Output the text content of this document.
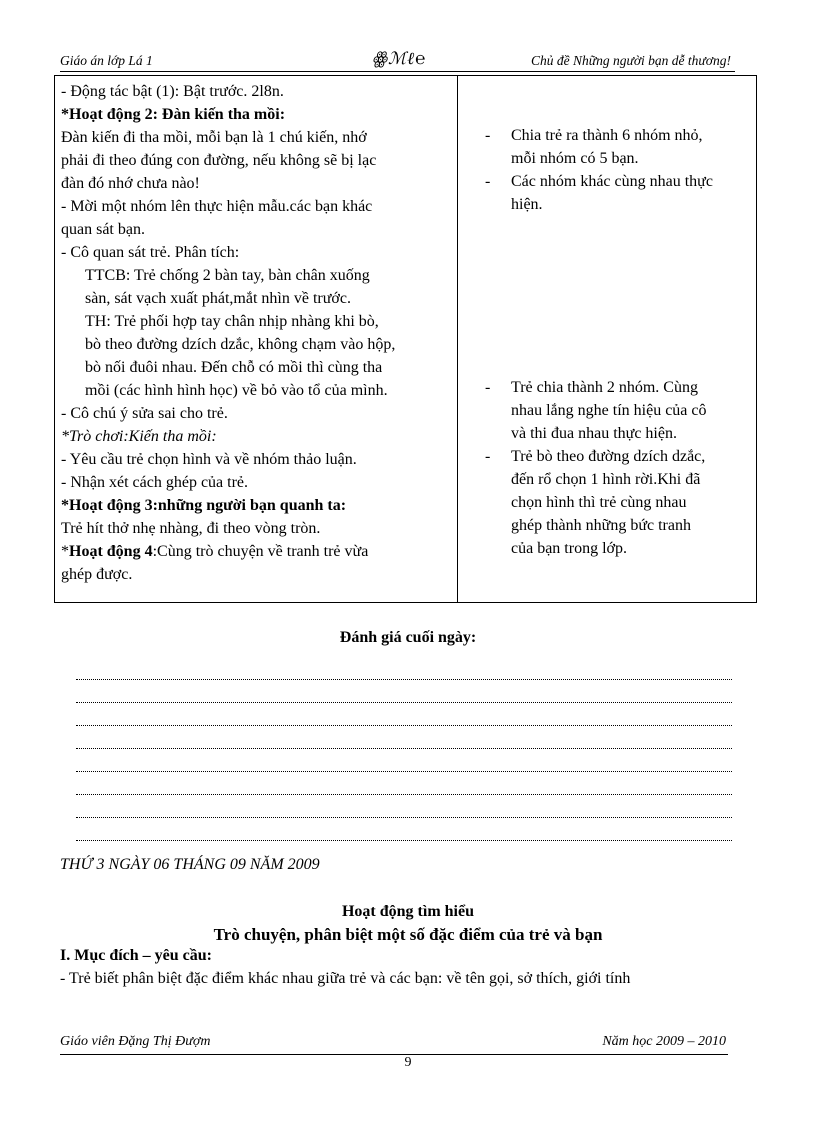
Giáo án lớp Lá 1	ꙮℳℓ℮	Chủ đề Những người bạn dễ thương!

- Động tác bật (1): Bật trước. 2l8n.

*Hoạt động 2: Đàn kiến tha mồi:

Đàn kiến đi tha mồi, mỗi bạn là 1 chú kiến, nhớ

phải đi theo đúng con đường, nếu không sẽ bị lạc

đàn đó nhớ chưa nào!

- Mời một nhóm lên thực hiện mẫu.các bạn khác

quan sát bạn.

- Cô quan sát trẻ. Phân tích:

TTCB: Trẻ chống 2 bàn tay, bàn chân xuống

sàn, sát vạch xuất phát,mắt nhìn về trước.

TH: Trẻ phối hợp tay chân nhịp nhàng khi bò,

bò theo đường dzích dzắc, không chạm vào hộp,

bò nối đuôi nhau. Đến chỗ có mồi thì cùng tha

mồi (các hình hình học) về bỏ vào tổ của mình.

- Cô chú ý sửa sai cho trẻ.

*Trò chơi:Kiến tha mồi:

- Yêu cầu trẻ chọn hình và về nhóm thảo luận.

- Nhận xét cách ghép của trẻ.

*Hoạt động 3:những người bạn quanh ta:

Trẻ hít thở nhẹ nhàng, đi theo vòng tròn.

*Hoạt động 4:Cùng trò chuyện về tranh trẻ vừa

ghép được.

- Chia trẻ ra thành 6 nhóm nhỏ,

mỗi nhóm có 5 bạn.

- Các nhóm khác cùng nhau thực

hiện.

- Trẻ chia thành 2 nhóm. Cùng

nhau lắng nghe tín hiệu của cô

và thi đua nhau thực hiện.

- Trẻ bò theo đường dzích dzắc,

đến rổ chọn 1 hình rời.Khi đã

chọn hình thì trẻ cùng nhau

ghép thành những bức tranh

của bạn trong lớp.

Đánh giá cuối ngày:
THỨ 3 NGÀY 06 THÁNG 09 NĂM 2009
Hoạt động tìm hiểu
Trò chuyện, phân biệt một số đặc điểm của trẻ và bạn
I. Mục đích – yêu cầu:
- Trẻ biết phân biệt đặc điểm khác nhau giữa trẻ và các bạn: về tên gọi, sở thích, giới tính
Giáo viên Đặng Thị Đượm	Năm học 2009 – 2010
9
